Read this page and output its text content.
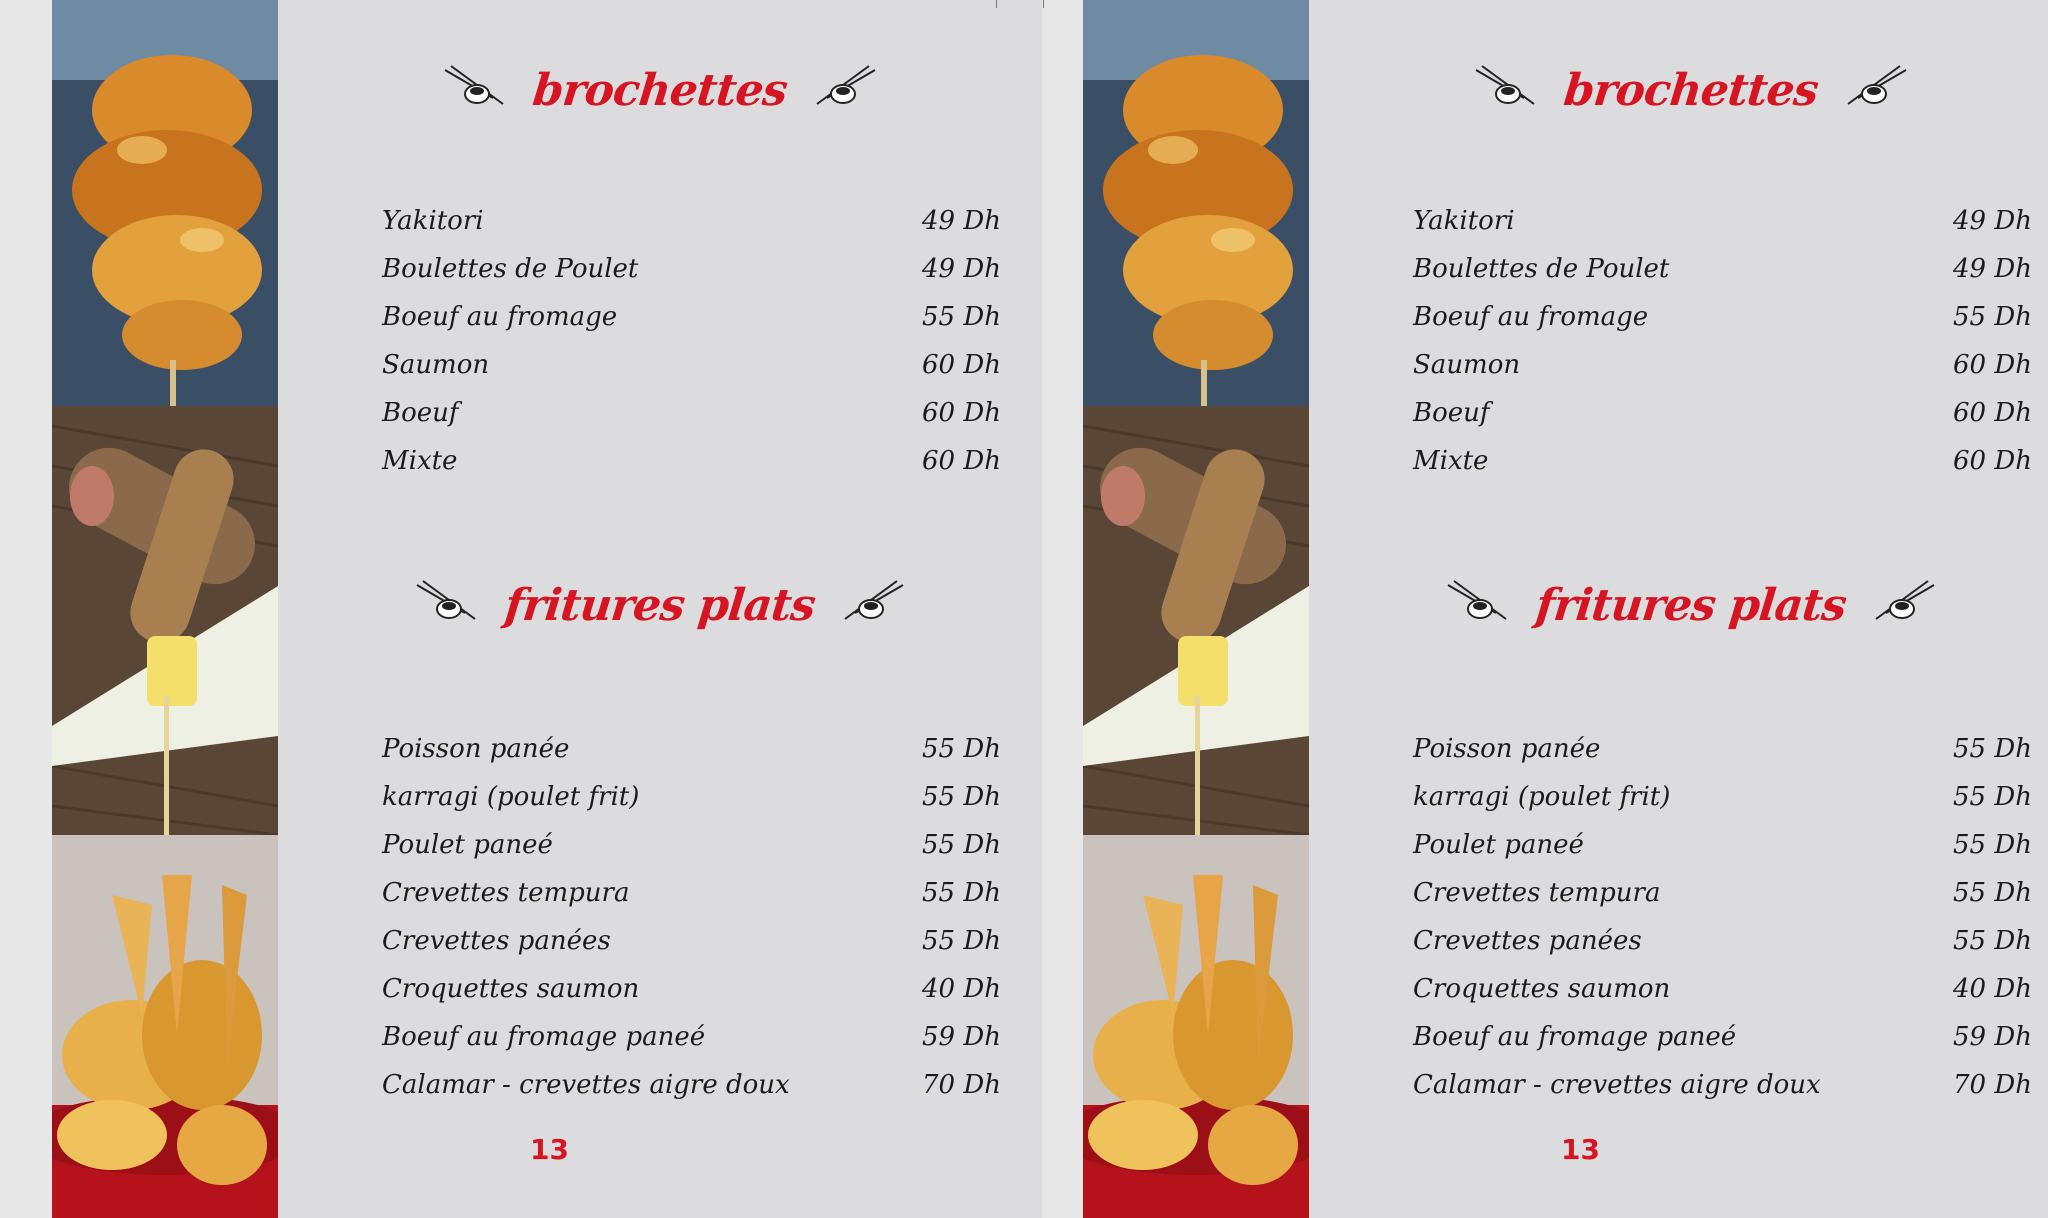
brochettes
Yakitori	49 Dh
Boulettes de Poulet	49 Dh
Boeuf au fromage	55 Dh
Saumon	60 Dh
Boeuf	60 Dh
Mixte	60 Dh
fritures plats
Poisson panée	55 Dh
karragi (poulet frit)	55 Dh
Poulet paneé	55 Dh
Crevettes tempura	55 Dh
Crevettes panées	55 Dh
Croquettes saumon	40 Dh
Boeuf au fromage paneé	59 Dh
Calamar - crevettes aigre doux	70 Dh
13
brochettes
Yakitori	49 Dh
Boulettes de Poulet	49 Dh
Boeuf au fromage	55 Dh
Saumon	60 Dh
Boeuf	60 Dh
Mixte	60 Dh
fritures plats
Poisson panée	55 Dh
karragi (poulet frit)	55 Dh
Poulet paneé	55 Dh
Crevettes tempura	55 Dh
Crevettes panées	55 Dh
Croquettes saumon	40 Dh
Boeuf au fromage paneé	59 Dh
Calamar - crevettes aigre doux	70 Dh
13
